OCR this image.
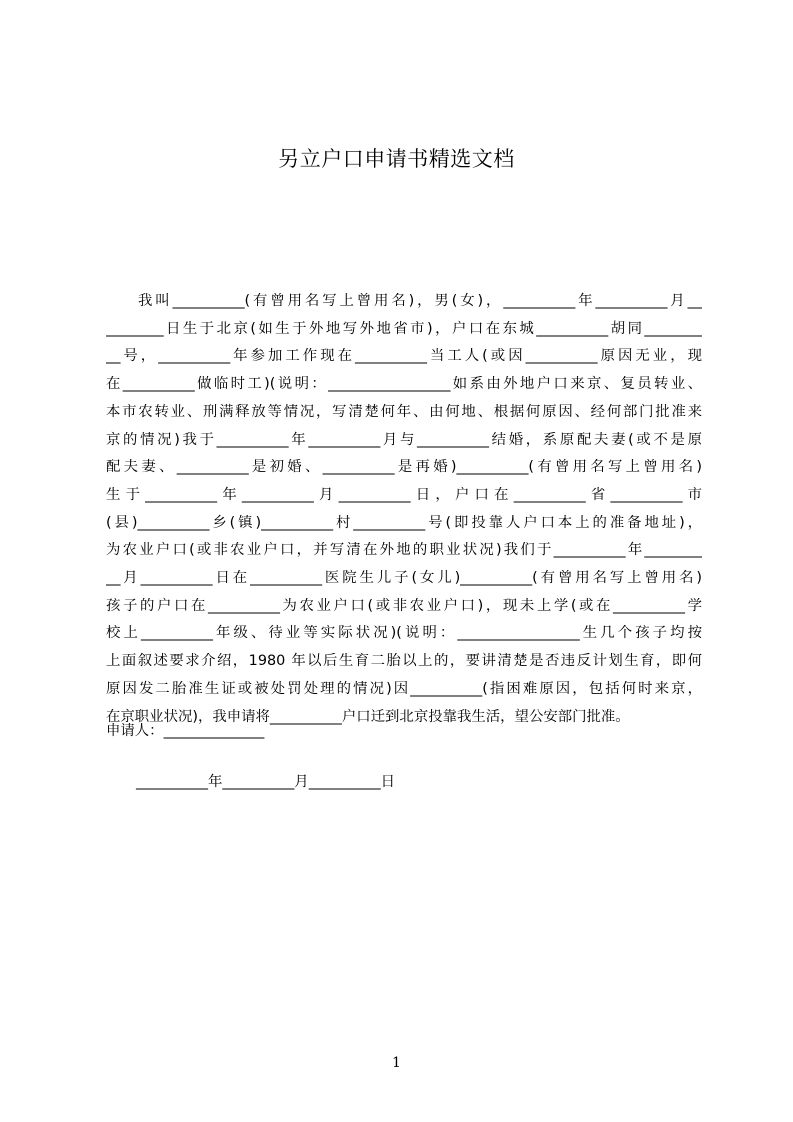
另立户口申请书精选文档
我叫__________(有曾用名写上曾用名)，男(女)，__________年__________月__
________日生于北京(如生于外地写外地省市)，户口在东城__________胡同________
__号，__________年参加工作现在__________当工人(或因__________原因无业，现
在__________做临时工)(说明：_________________如系由外地户口来京、复员转业、
本市农转业、刑满释放等情况，写清楚何年、由何地、根据何原因、经何部门批准来
京的情况)我于__________年__________月与__________结婚，系原配夫妻(或不是原
配夫妻、__________是初婚、__________是再婚)__________(有曾用名写上曾用名)
生于__________年__________月__________日，户口在__________省__________市
(县)__________乡(镇)__________村__________号(即投靠人户口本上的准备地址)，
为农业户口(或非农业户口，并写清在外地的职业状况)我们于__________年________
__月__________日在__________医院生儿子(女儿)__________(有曾用名写上曾用名)
孩子的户口在__________为农业户口(或非农业户口)，现未上学(或在__________学
校上__________年级、待业等实际状况)(说明：_________________生几个孩子均按
上面叙述要求介绍，1980 年以后生育二胎以上的，要讲清楚是否违反计划生育，即何
原因发二胎准生证或被处罚处理的情况)因__________(指困难原因，包括何时来京，
在京职业状况)，我申请将__________户口迁到北京投靠我生活，望公安部门批准。
申请人：______________
__________年__________月__________日
1
